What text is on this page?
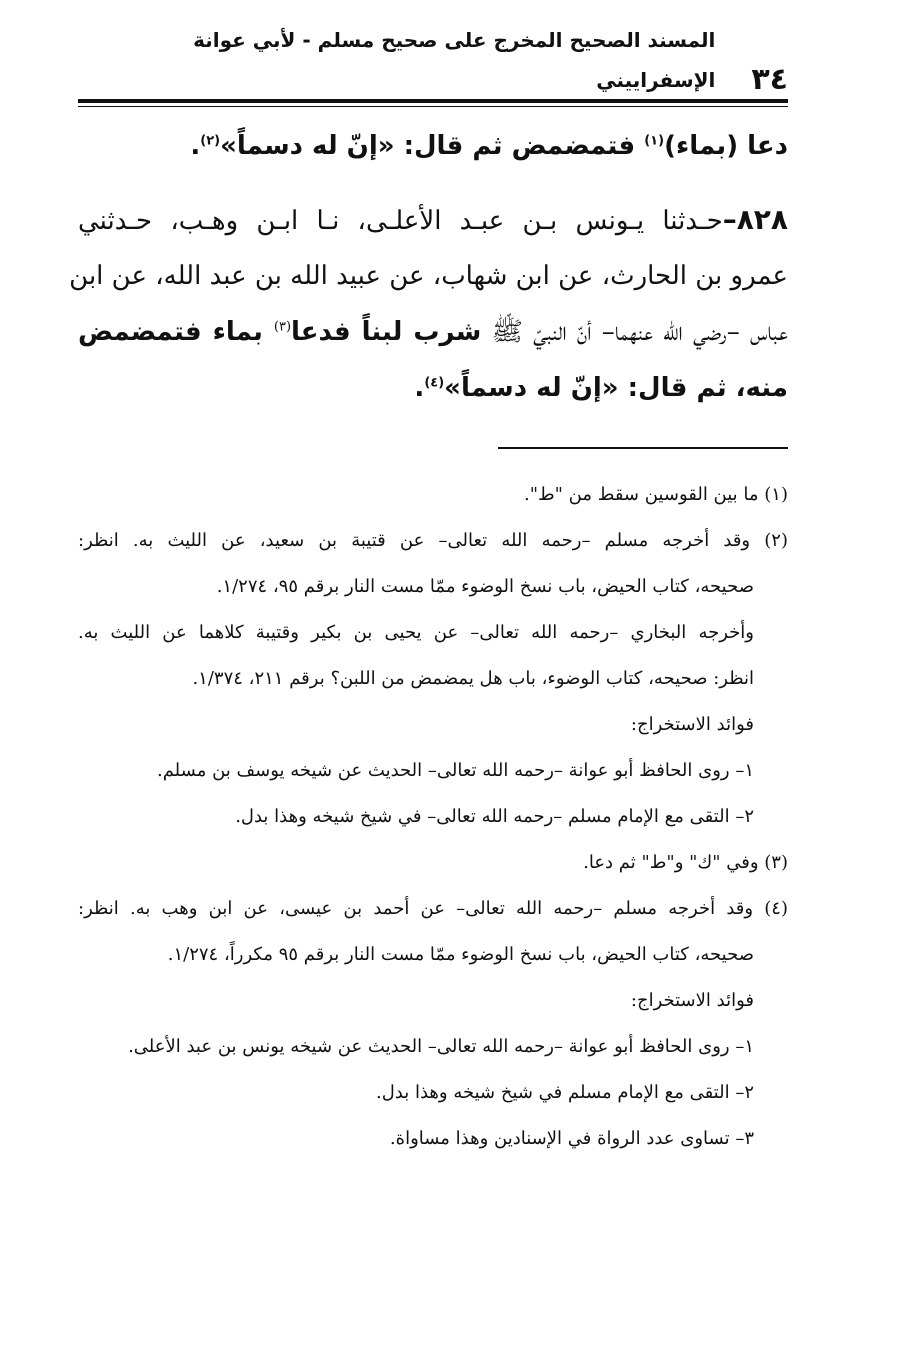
٣٤
المسند الصحيح المخرج على صحيح مسلم - لأبي عوانة الإسفراييني
دعا (بماء)$^{(١)}$ فتمضمض ثم قال: «إنّ له دسماً»$^{(٢)}$.
٨٢٨–حـدثنا يـونس بـن عبـد الأعلـى، نـا ابـن وهـب، حـدثني
عمرو بن الحارث، عن ابن شهاب، عن عبيد الله بن عبد الله، عن ابن
عباس –رضي الله عنهما– أنّ النبيّ ﷺ شرب لبناً فدعا$^{(٣)}$ بماء فتمضمض
منه، ثم قال: «إنّ له دسماً»$^{(٤)}$.
(١) ما بين القوسين سقط من "ط".
(٢) وقد أخرجه مسلم –رحمه الله تعالى– عن قتيبة بن سعيد، عن الليث به. انظر:
صحيحه، كتاب الحيض، باب نسخ الوضوء ممّا مست النار برقم ٩٥، ١/٢٧٤.
وأخرجه البخاري –رحمه الله تعالى– عن يحيى بن بكير وقتيبة كلاهما عن الليث به.
انظر: صحيحه، كتاب الوضوء، باب هل يمضمض من اللبن؟ برقم ٢١١، ١/٣٧٤.
فوائد الاستخراج:
١– روى الحافظ أبو عوانة –رحمه الله تعالى– الحديث عن شيخه يوسف بن مسلم.
٢– التقى مع الإمام مسلم –رحمه الله تعالى– في شيخ شيخه وهذا بدل.
(٣) وفي "ك" و"ط" ثم دعا.
(٤) وقد أخرجه مسلم –رحمه الله تعالى– عن أحمد بن عيسى، عن ابن وهب به. انظر:
صحيحه، كتاب الحيض، باب نسخ الوضوء ممّا مست النار برقم ٩٥ مكرراً، ١/٢٧٤.
فوائد الاستخراج:
١– روى الحافظ أبو عوانة –رحمه الله تعالى– الحديث عن شيخه يونس بن عبد الأعلى.
٢– التقى مع الإمام مسلم في شيخ شيخه وهذا بدل.
٣– تساوى عدد الرواة في الإسنادين وهذا مساواة.
